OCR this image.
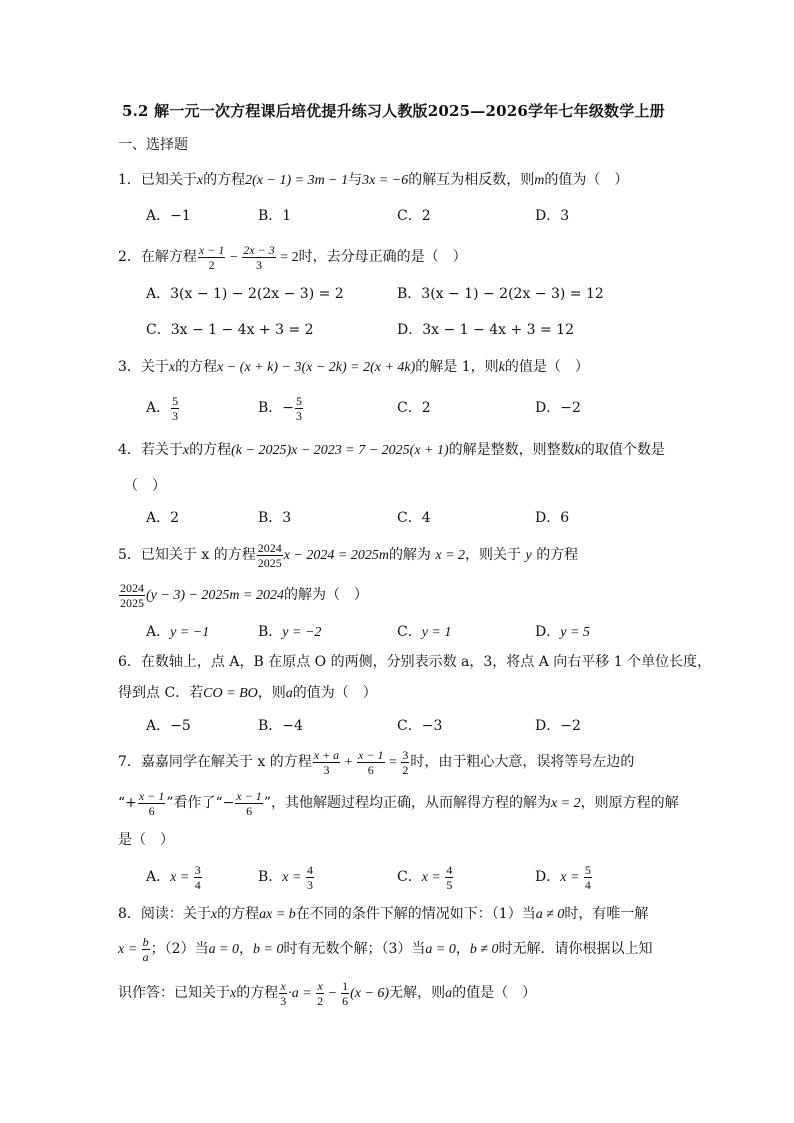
5.2 解一元一次方程课后培优提升练习人教版2025—2026学年七年级数学上册
一、选择题
1．已知关于x的方程2(x − 1) = 3m − 1与3x = −6的解互为相反数，则m的值为（　）
A．−1	B．1	C．2	D．3
2．在解方程 $\frac{x - 1}{2} - \frac{2x - 3}{3} = 2$时，去分母正确的是（　）
A．3(x − 1) − 2(2x − 3) = 2	B．3(x − 1) − 2(2x − 3) = 12
C．3x − 1 − 4x + 3 = 2	D．3x − 1 − 4x + 3 = 12
3．关于x的方程x − (x + k) − 3(x − 2k) = 2(x + 4k)的解是 1，则k的值是（　）
A． $\frac{5}{3}$	B．− $\frac{5}{3}$	C．2	D．−2
4．若关于x的方程(k − 2025)x − 2023 = 7 − 2025(x + 1)的解是整数，则整数k的取值个数是
（　）
A．2	B．3	C．4	D．6
5．已知关于 x 的方程 $\frac{2024}{2025}$ x − 2024 = 2025m的解为 x = 2，则关于 y 的方程
$\frac{2024}{2025} (y - 3) - 2025m = 2024$的解为（　）
A．y = −1	B．y = −2	C．y = 1	D．y = 5
6．在数轴上，点 A，B 在原点 O 的两侧，分别表示数 a，3，将点 A 向右平移 1 个单位长度，
得到点 C．若CO = BO，则a的值为（　）
A．−5	B．−4	C．−3	D．−2
7．嘉嘉同学在解关于 x 的方程 $\frac{x + a}{3} + \frac{x - 1}{6} = \frac{3}{2}$ 时，由于粗心大意，误将等号左边的
“+ $\frac{x - 1}{6}$ ”看作了“− $\frac{x - 1}{6}$ ”，其他解题过程均正确，从而解得方程的解为x = 2，则原方程的解
是（　）
A．$x = \frac{3}{4}$	B．$x = \frac{4}{3}$	C．$x = \frac{4}{5}$	D．$x = \frac{5}{4}$
8．阅读：关于x的方程ax = b在不同的条件下解的情况如下：（1）当a ≠ 0时，有唯一解
$x = \frac{b}{a}$ ；（2）当a = 0，b = 0时有无数个解；（3）当a = 0，b ≠ 0时无解．请你根据以上知
识作答：已知关于x的方程 $\frac{x}{3} \cdot a = \frac{x}{2} - \frac{1}{6} (x - 6)$无解，则a的值是（　）
